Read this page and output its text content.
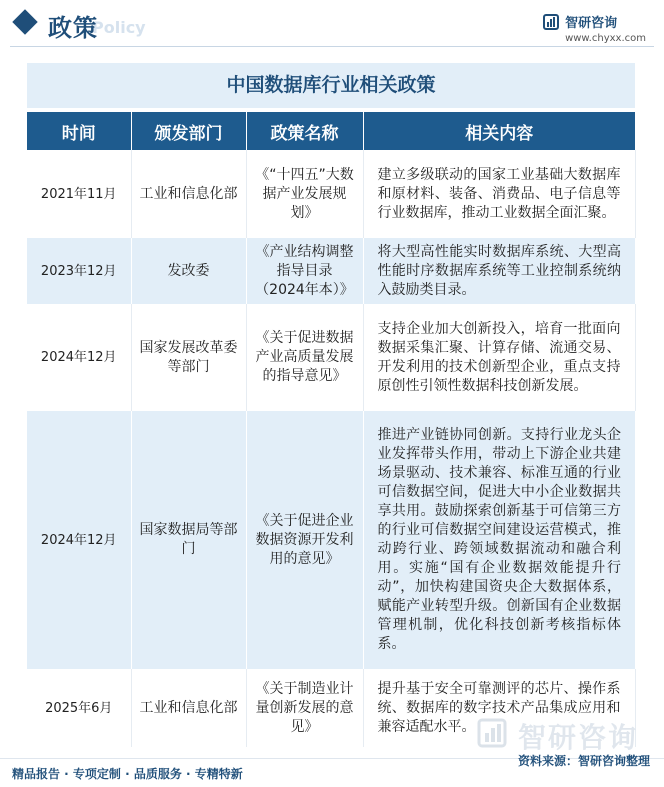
Policy
政策	智研咨询
www.chyxx.com
中国数据库行业相关政策
时间	颁发部门	政策名称	相关内容
2021年11月	工业和信息化部	《“十四五”大数据产业发展规划》	建立多级联动的国家工业基础大数据库和原材料、装备、消费品、电子信息等行业数据库，推动工业数据全面汇聚。
2023年12月	发改委	《产业结构调整指导目录（2024年本）》	将大型高性能实时数据库系统、大型高性能时序数据库系统等工业控制系统纳入鼓励类目录。
2024年12月	国家发展改革委等部门	《关于促进数据产业高质量发展的指导意见》	支持企业加大创新投入，培育一批面向数据采集汇聚、计算存储、流通交易、开发利用的技术创新型企业，重点支持原创性引领性数据科技创新发展。
2024年12月	国家数据局等部门	《关于促进企业数据资源开发利用的意见》	推进产业链协同创新。支持行业龙头企业发挥带头作用，带动上下游企业共建场景驱动、技术兼容、标准互通的行业可信数据空间，促进大中小企业数据共享共用。鼓励探索创新基于可信第三方的行业可信数据空间建设运营模式，推动跨行业、跨领域数据流动和融合利用。实施“国有企业数据效能提升行动”，加快构建国资央企大数据体系，赋能产业转型升级。创新国有企业数据管理机制，优化科技创新考核指标体系。
2025年6月	工业和信息化部	《关于制造业计量创新发展的意见》	提升基于安全可靠测评的芯片、操作系统、数据库的数字技术产品集成应用和兼容适配水平。 智研咨询
精品报告 · 专项定制 · 品质服务 · 专精特新
资料来源：智研咨询整理
